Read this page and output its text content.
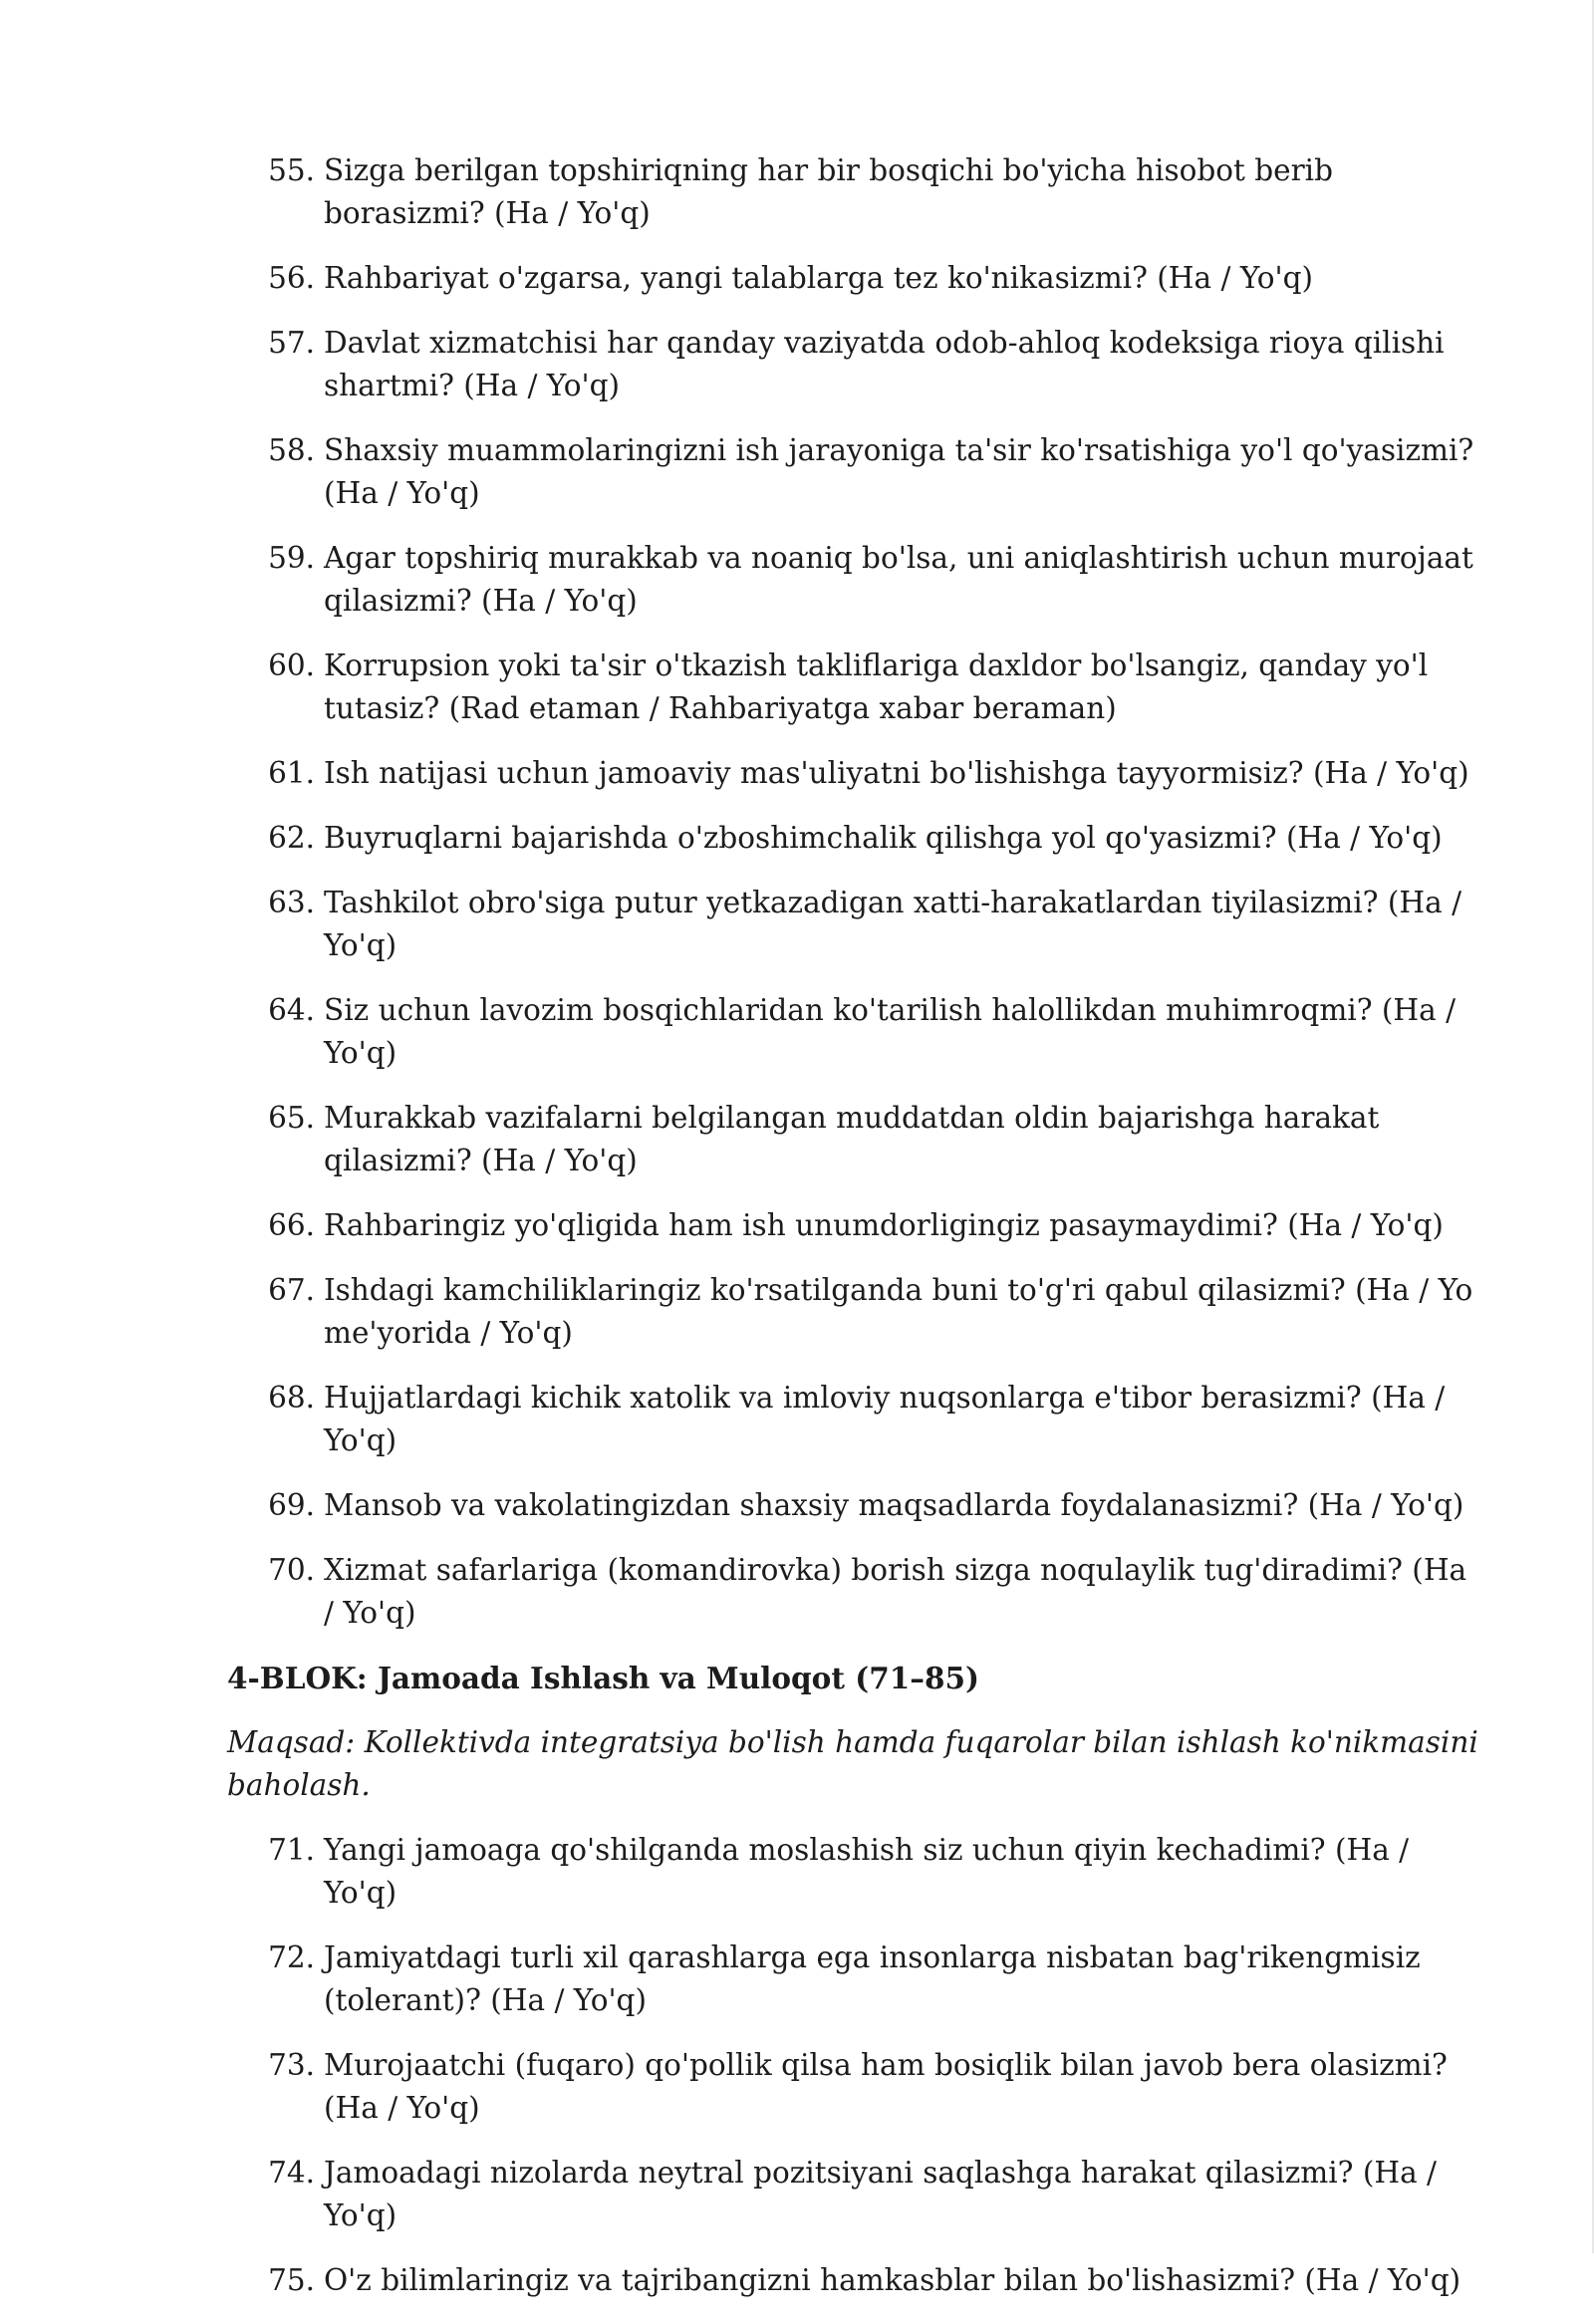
55. Sizga berilgan topshiriqning har bir bosqichi bo'yicha hisobot berib borasizmi? (Ha / Yo'q)
56. Rahbariyat o'zgarsa, yangi talablarga tez ko'nikasizmi? (Ha / Yo'q)
57. Davlat xizmatchisi har qanday vaziyatda odob-ahloq kodeksiga rioya qilishi shartmi? (Ha / Yo'q)
58. Shaxsiy muammolaringizni ish jarayoniga ta'sir ko'rsatishiga yo'l qo'yasizmi? (Ha / Yo'q)
59. Agar topshiriq murakkab va noaniq bo'lsa, uni aniqlashtirish uchun murojaat qilasizmi? (Ha / Yo'q)
60. Korrupsion yoki ta'sir o'tkazish takliflariga daxldor bo'lsangiz, qanday yo'l tutasiz? (Rad etaman / Rahbariyatga xabar beraman)
61. Ish natijasi uchun jamoaviy mas'uliyatni bo'lishishga tayyormisiz? (Ha / Yo'q)
62. Buyruqlarni bajarishda o'zboshimchalik qilishga yol qo'yasizmi? (Ha / Yo'q)
63. Tashkilot obro'siga putur yetkazadigan xatti-harakatlardan tiyilasizmi? (Ha / Yo'q)
64. Siz uchun lavozim bosqichlaridan ko'tarilish halollikdan muhimroqmi? (Ha / Yo'q)
65. Murakkab vazifalarni belgilangan muddatdan oldin bajarishga harakat qilasizmi? (Ha / Yo'q)
66. Rahbaringiz yo'qligida ham ish unumdorligingiz pasaymaydimi? (Ha / Yo'q)
67. Ishdagi kamchiliklaringiz ko'rsatilganda buni to'g'ri qabul qilasizmi? (Ha / Yo me'yorida / Yo'q)
68. Hujjatlardagi kichik xatolik va imloviy nuqsonlarga e'tibor berasizmi? (Ha / Yo'q)
69. Mansob va vakolatingizdan shaxsiy maqsadlarda foydalanasizmi? (Ha / Yo'q)
70. Xizmat safarlariga (komandirovka) borish sizga noqulaylik tug'diradimi? (Ha / Yo'q)
4-BLOK: Jamoada Ishlash va Muloqot (71–85)
Maqsad: Kollektivda integratsiya bo'lish hamda fuqarolar bilan ishlash ko'nikmasini baholash.
71. Yangi jamoaga qo'shilganda moslashish siz uchun qiyin kechadimi? (Ha / Yo'q)
72. Jamiyatdagi turli xil qarashlarga ega insonlarga nisbatan bag'rikengmisiz (tolerant)? (Ha / Yo'q)
73. Murojaatchi (fuqaro) qo'pollik qilsa ham bosiqlik bilan javob bera olasizmi? (Ha / Yo'q)
74. Jamoadagi nizolarda neytral pozitsiyani saqlashga harakat qilasizmi? (Ha / Yo'q)
75. O'z bilimlaringiz va tajribangizni hamkasblar bilan bo'lishasizmi? (Ha / Yo'q)
